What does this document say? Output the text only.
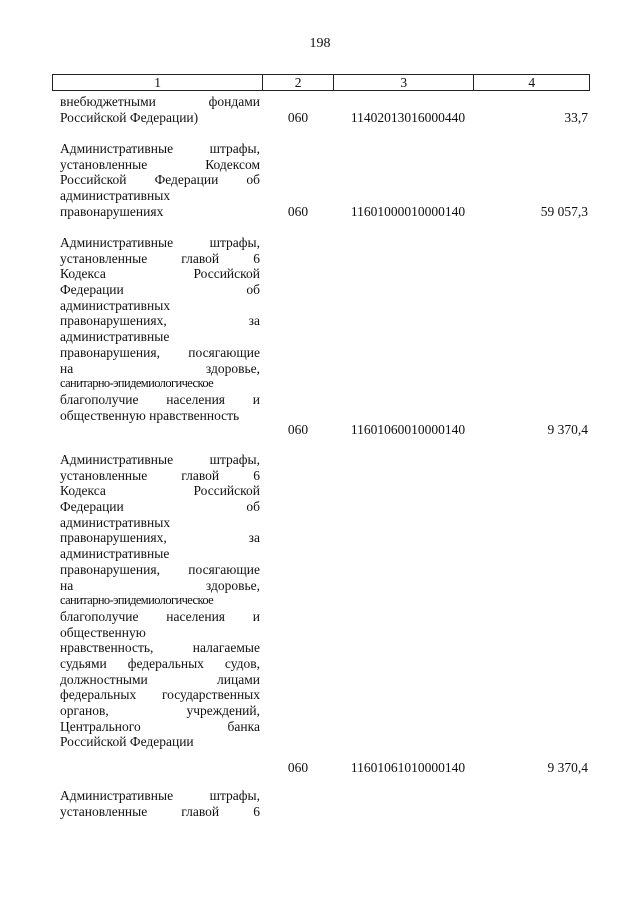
198
1	2	3	4
внебюджетными фондами
Российской Федерации)	060	11402013016000440	33,7
Административные штрафы,
установленные Кодексом
Российской Федерации об
административных
правонарушениях	060	11601000010000140	59 057,3
Административные штрафы,
установленные главой 6
Кодекса Российской
Федерации об
административных
правонарушениях, за
административные
правонарушения, посягающие
на здоровье,
санитарно-эпидемиологическое
благополучие населения и
общественную нравственность
060	11601060010000140	9 370,4
Административные штрафы,
установленные главой 6
Кодекса Российской
Федерации об
административных
правонарушениях, за
административные
правонарушения, посягающие
на здоровье,
санитарно-эпидемиологическое
благополучие населения и
общественную
нравственность, налагаемые
судьями федеральных судов,
должностными лицами
федеральных государственных
органов, учреждений,
Центрального банка
Российской Федерации
060	11601061010000140	9 370,4
Административные штрафы,
установленные главой 6
